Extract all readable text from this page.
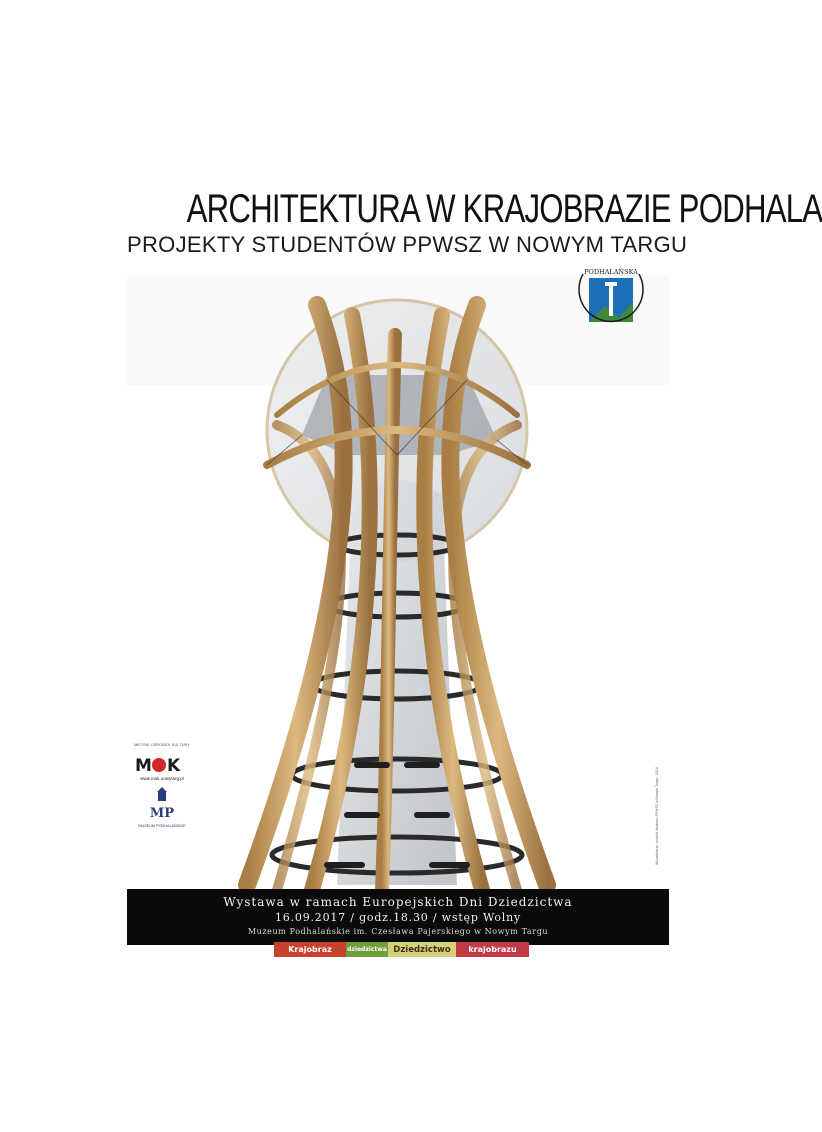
ARCHITEKTURA W KRAJOBRAZIE PODHALA
PROJEKTY STUDENTÓW PPWSZ W NOWYM TARGU
PODHALAŃSKA
MIEJSKI OŚRODEK KULTURY
M K
www.mok.nowytarg.pl
MP
MUZEUM PODHALAŃSKIE	Wizualizacja i projekt: studenci PPWSZ w Nowym Targu · 2016
Wystawa w ramach Europejskich Dni Dziedzictwa
16.09.2017 / godz.18.30 / wstęp Wolny
Muzeum Podhalańskie im. Czesława Pajerskiego w Nowym Targu
Krajobraz	dziedzictwa Dziedzictwo	krajobrazu
